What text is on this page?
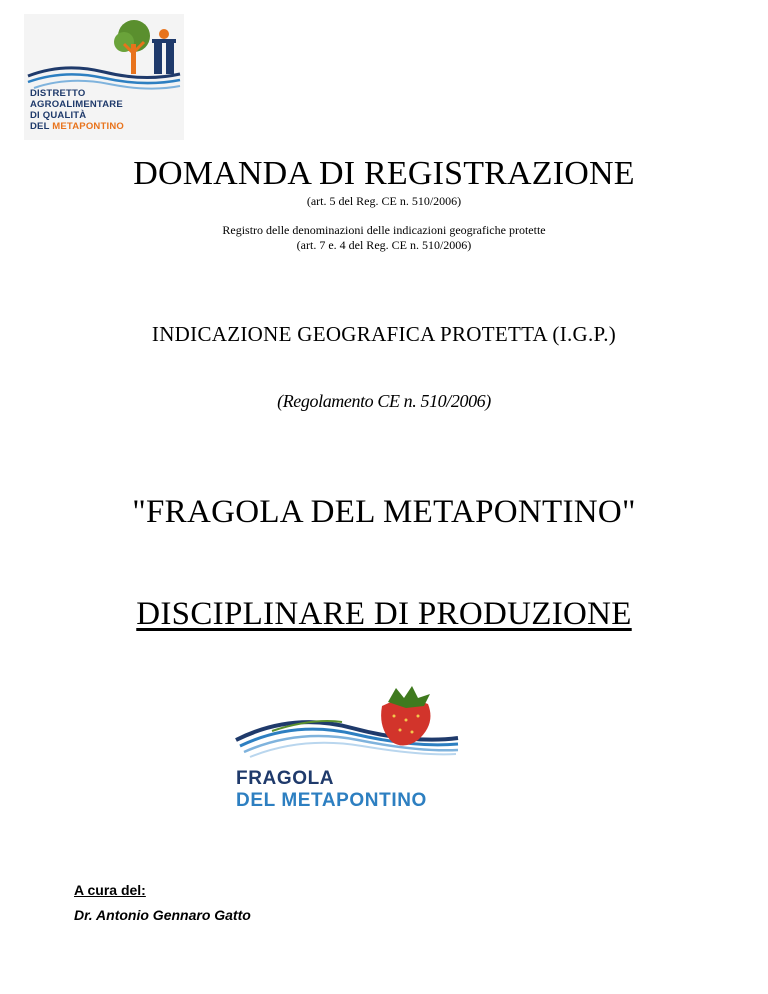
DISTRETTO
AGROALIMENTARE
DI QUALITÀ
DEL METAPONTINO
DOMANDA DI REGISTRAZIONE
(art. 5 del Reg. CE n. 510/2006)
Registro delle denominazioni delle indicazioni geografiche protette
(art. 7 e. 4 del Reg. CE n. 510/2006)
INDICAZIONE GEOGRAFICA PROTETTA (I.G.P.)
(Regolamento CE n. 510/2006)
"FRAGOLA DEL METAPONTINO"
DISCIPLINARE DI PRODUZIONE
FRAGOLA
DEL METAPONTINO
A cura del:
Dr. Antonio Gennaro Gatto
